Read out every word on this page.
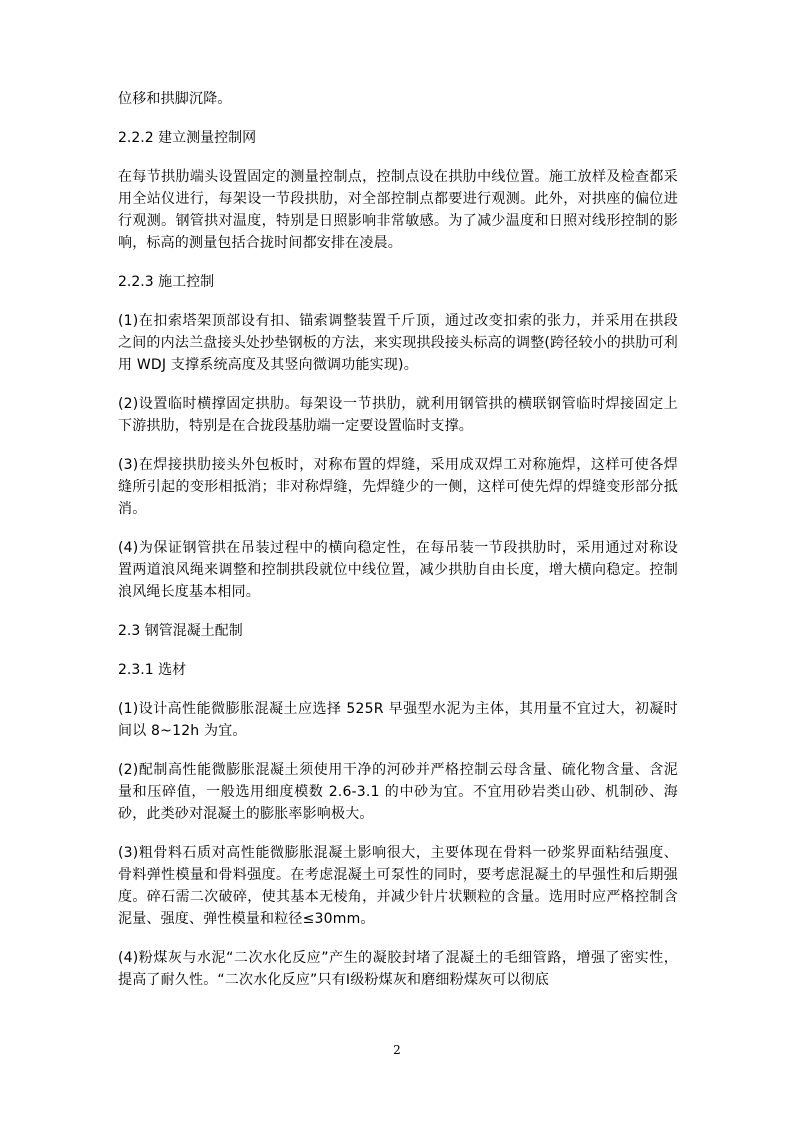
位移和拱脚沉降。

2.2.2 建立测量控制网

在每节拱肋端头设置固定的测量控制点，控制点设在拱肋中线位置。施工放样及检查都采用全站仪进行，每架设一节段拱肋，对全部控制点都要进行观测。此外，对拱座的偏位进行观测。钢管拱对温度，特别是日照影响非常敏感。为了减少温度和日照对线形控制的影响，标高的测量包括合拢时间都安排在凌晨。

2.2.3 施工控制

(1)在扣索塔架顶部设有扣、锚索调整装置千斤顶，通过改变扣索的张力，并采用在拱段之间的内法兰盘接头处抄垫钢板的方法，来实现拱段接头标高的调整(跨径较小的拱肋可利用 WDJ 支撑系统高度及其竖向微调功能实现)。

(2)设置临时横撑固定拱肋。每架设一节拱肋，就利用钢管拱的横联钢管临时焊接固定上下游拱肋，特别是在合拢段基肋端一定要设置临时支撑。

(3)在焊接拱肋接头外包板时，对称布置的焊缝，采用成双焊工对称施焊，这样可使各焊缝所引起的变形相抵消；非对称焊缝，先焊缝少的一侧，这样可使先焊的焊缝变形部分抵消。

(4)为保证钢管拱在吊装过程中的横向稳定性，在每吊装一节段拱肋时，采用通过对称设置两道浪风绳来调整和控制拱段就位中线位置，减少拱肋自由长度，增大横向稳定。控制浪风绳长度基本相同。

2.3 钢管混凝土配制

2.3.1 选材

(1)设计高性能微膨胀混凝土应选择 525R 早强型水泥为主体，其用量不宜过大，初凝时间以 8~12h 为宜。

(2)配制高性能微膨胀混凝土须使用干净的河砂并严格控制云母含量、硫化物含量、含泥量和压碎值，一般选用细度模数 2.6-3.1 的中砂为宜。不宜用砂岩类山砂、机制砂、海砂，此类砂对混凝土的膨胀率影响极大。

(3)粗骨料石质对高性能微膨胀混凝土影响很大，主要体现在骨料一砂浆界面粘结强度、骨料弹性模量和骨料强度。在考虑混凝土可泵性的同时，要考虑混凝土的早强性和后期强度。碎石需二次破碎，使其基本无棱角，并减少针片状颗粒的含量。选用时应严格控制含泥量、强度、弹性模量和粒径≤30mm。

(4)粉煤灰与水泥“二次水化反应”产生的凝胶封堵了混凝土的毛细管路，增强了密实性，提高了耐久性。“二次水化反应”只有Ⅰ级粉煤灰和磨细粉煤灰可以彻底

2
